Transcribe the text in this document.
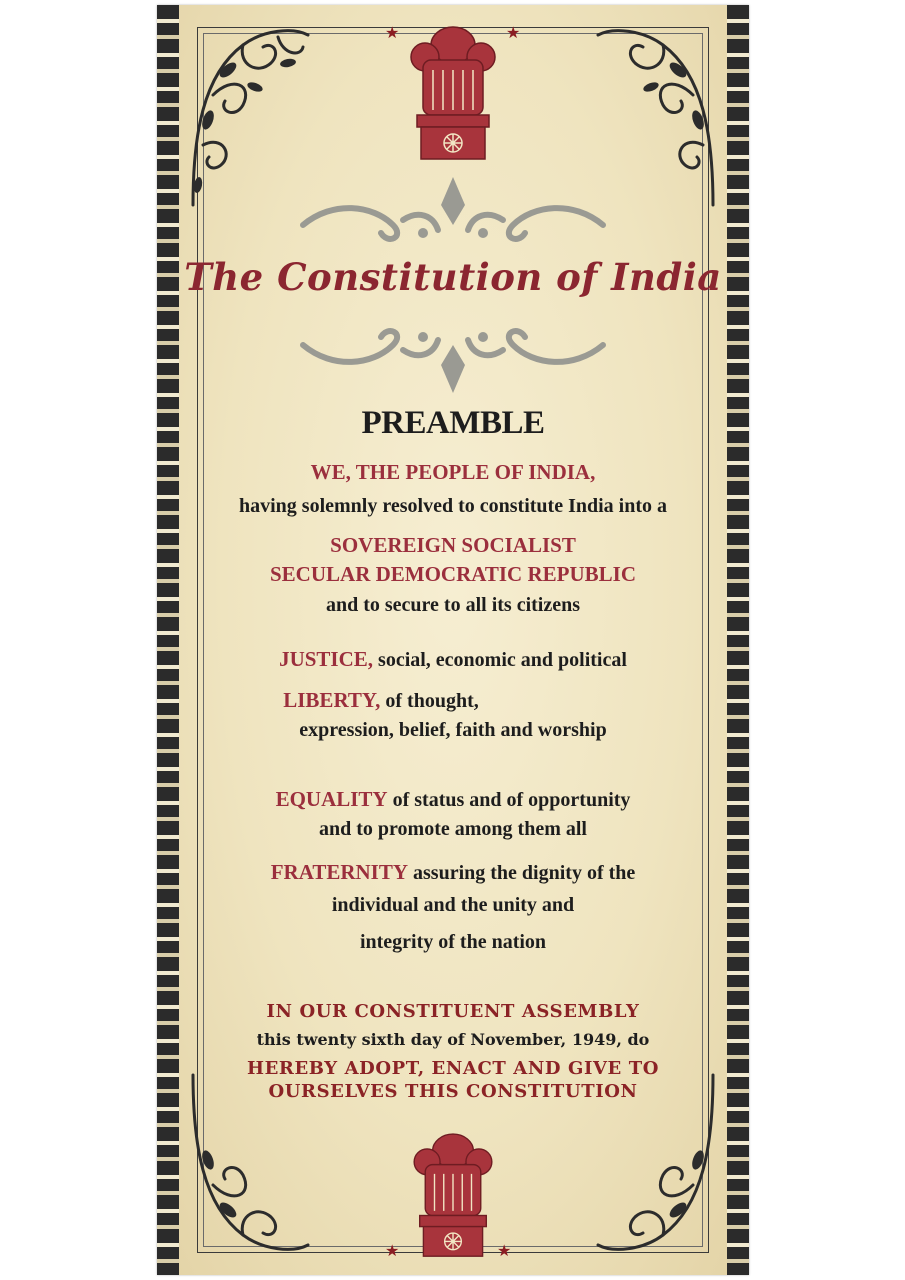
★	★
The Constitution of India
PREAMBLE
WE, THE PEOPLE OF INDIA,
having solemnly resolved to constitute India into a
SOVEREIGN SOCIALIST
SECULAR DEMOCRATIC REPUBLIC
and to secure to all its citizens
JUSTICE, social, economic and political
LIBERTY, of thought,
expression, belief, faith and worship
EQUALITY of status and of opportunity
and to promote among them all
FRATERNITY assuring the dignity of the
individual and the unity and
integrity of the nation
IN OUR CONSTITUENT ASSEMBLY
this twenty sixth day of November, 1949, do
HEREBY ADOPT, ENACT AND GIVE TO
OURSELVES THIS CONSTITUTION
★	★
